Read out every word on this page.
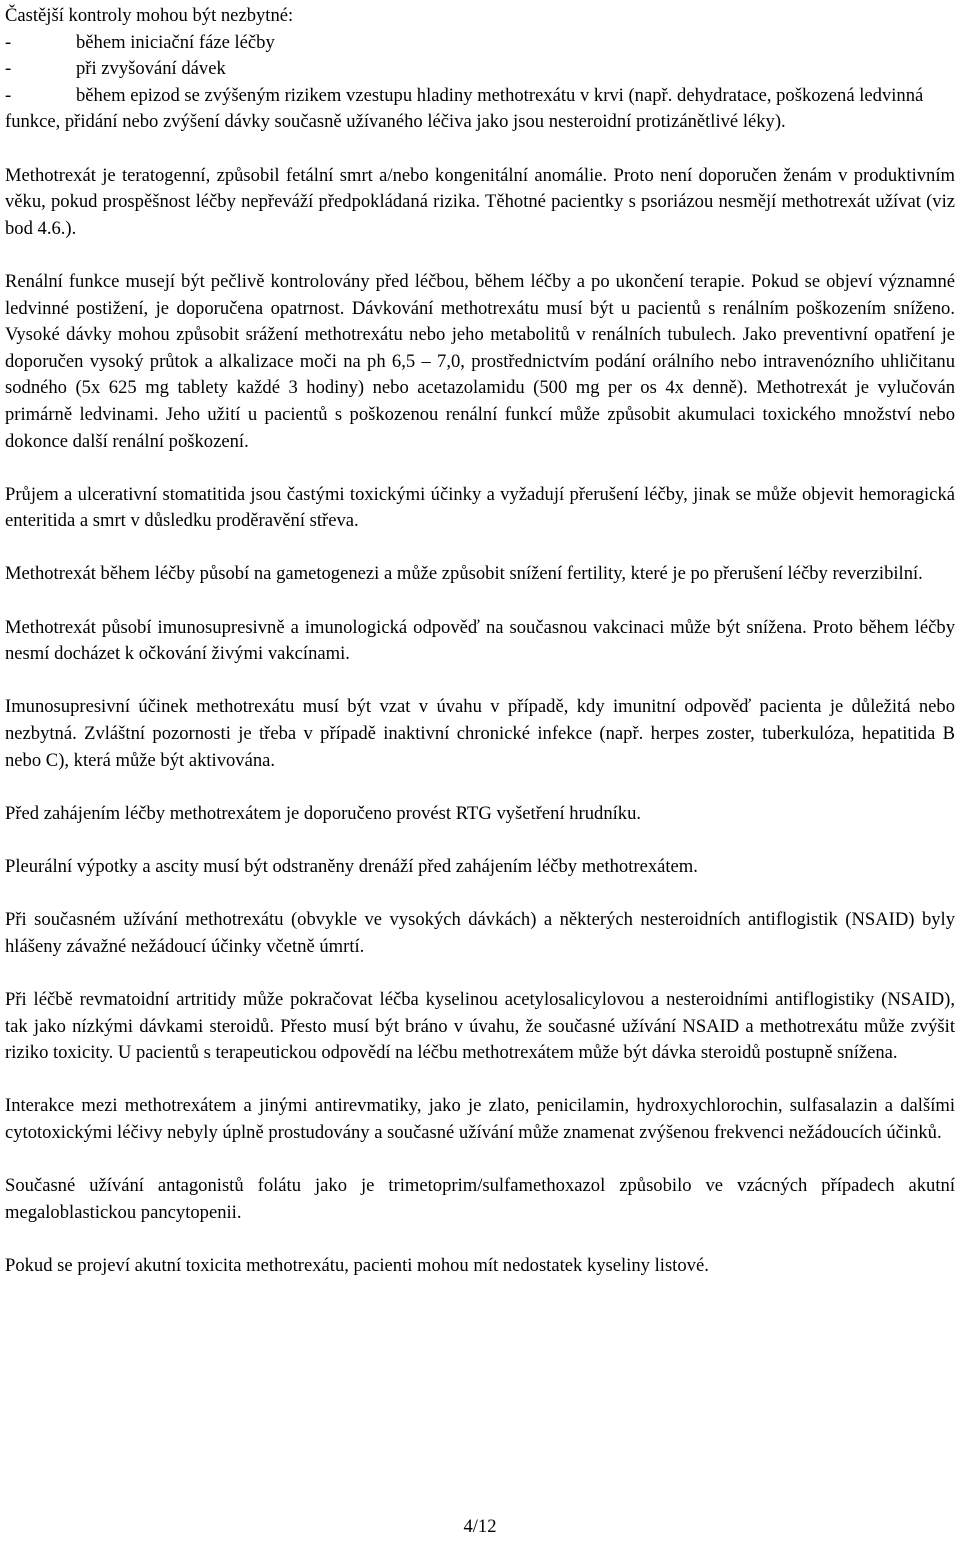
Častější kontroly mohou být nezbytné:

-	během iniciační fáze léčby
-	při zvyšování dávek
-	během epizod se zvýšeným rizikem vzestupu hladiny methotrexátu v krvi (např. dehydratace, poškozená ledvinná funkce, přidání nebo zvýšení dávky současně užívaného léčiva jako jsou nesteroidní protizánětlivé léky).

Methotrexát je teratogenní, způsobil fetální smrt a/nebo kongenitální anomálie. Proto není doporučen ženám v produktivním věku, pokud prospěšnost léčby nepřeváží předpokládaná rizika. Těhotné pacientky s psoriázou nesmějí methotrexát užívat (viz bod 4.6.).

Renální funkce musejí být pečlivě kontrolovány před léčbou, během léčby a po ukončení terapie. Pokud se objeví významné ledvinné postižení, je doporučena opatrnost. Dávkování methotrexátu musí být u pacientů s renálním poškozením sníženo. Vysoké dávky mohou způsobit srážení methotrexátu nebo jeho metabolitů v renálních tubulech. Jako preventivní opatření je doporučen vysoký průtok a alkalizace moči na ph 6,5 – 7,0, prostřednictvím podání orálního nebo intravenózního uhličitanu sodného (5x 625 mg tablety každé 3 hodiny) nebo acetazolamidu (500 mg per os 4x denně). Methotrexát je vylučován primárně ledvinami. Jeho užití u pacientů s poškozenou renální funkcí může způsobit akumulaci toxického množství nebo dokonce další renální poškození.

Průjem a ulcerativní stomatitida jsou častými toxickými účinky a vyžadují přerušení léčby, jinak se může objevit hemoragická enteritida a smrt v důsledku proděravění střeva.

Methotrexát během léčby působí na gametogenezi a může způsobit snížení fertility, které je po přerušení léčby reverzibilní.

Methotrexát působí imunosupresivně a imunologická odpověď na současnou vakcinaci může být snížena. Proto během léčby nesmí docházet k očkování živými vakcínami.

Imunosupresivní účinek methotrexátu musí být vzat v úvahu v případě, kdy imunitní odpověď pacienta je důležitá nebo nezbytná. Zvláštní pozornosti je třeba v případě inaktivní chronické infekce (např. herpes zoster, tuberkulóza, hepatitida B nebo C), která může být aktivována.

Před zahájením léčby methotrexátem je doporučeno provést RTG vyšetření hrudníku.

Pleurální výpotky a ascity musí být odstraněny drenáží před zahájením léčby methotrexátem.

Při současném užívání methotrexátu (obvykle ve vysokých dávkách) a některých nesteroidních antiflogistik (NSAID) byly hlášeny závažné nežádoucí účinky včetně úmrtí.

Při léčbě revmatoidní artritidy může pokračovat léčba kyselinou acetylosalicylovou a nesteroidními antiflogistiky (NSAID), tak jako nízkými dávkami steroidů. Přesto musí být bráno v úvahu, že současné užívání NSAID a methotrexátu může zvýšit riziko toxicity. U pacientů s terapeutickou odpovědí na léčbu methotrexátem může být dávka steroidů postupně snížena.

Interakce mezi methotrexátem a jinými antirevmatiky, jako je zlato, penicilamin, hydroxychlorochin, sulfasalazin a dalšími cytotoxickými léčivy nebyly úplně prostudovány a současné užívání může znamenat zvýšenou frekvenci nežádoucích účinků.

Současné užívání antagonistů folátu jako je trimetoprim/sulfamethoxazol způsobilo ve vzácných případech akutní megaloblastickou pancytopenii.

Pokud se projeví akutní toxicita methotrexátu, pacienti mohou mít nedostatek kyseliny listové.

4/12
